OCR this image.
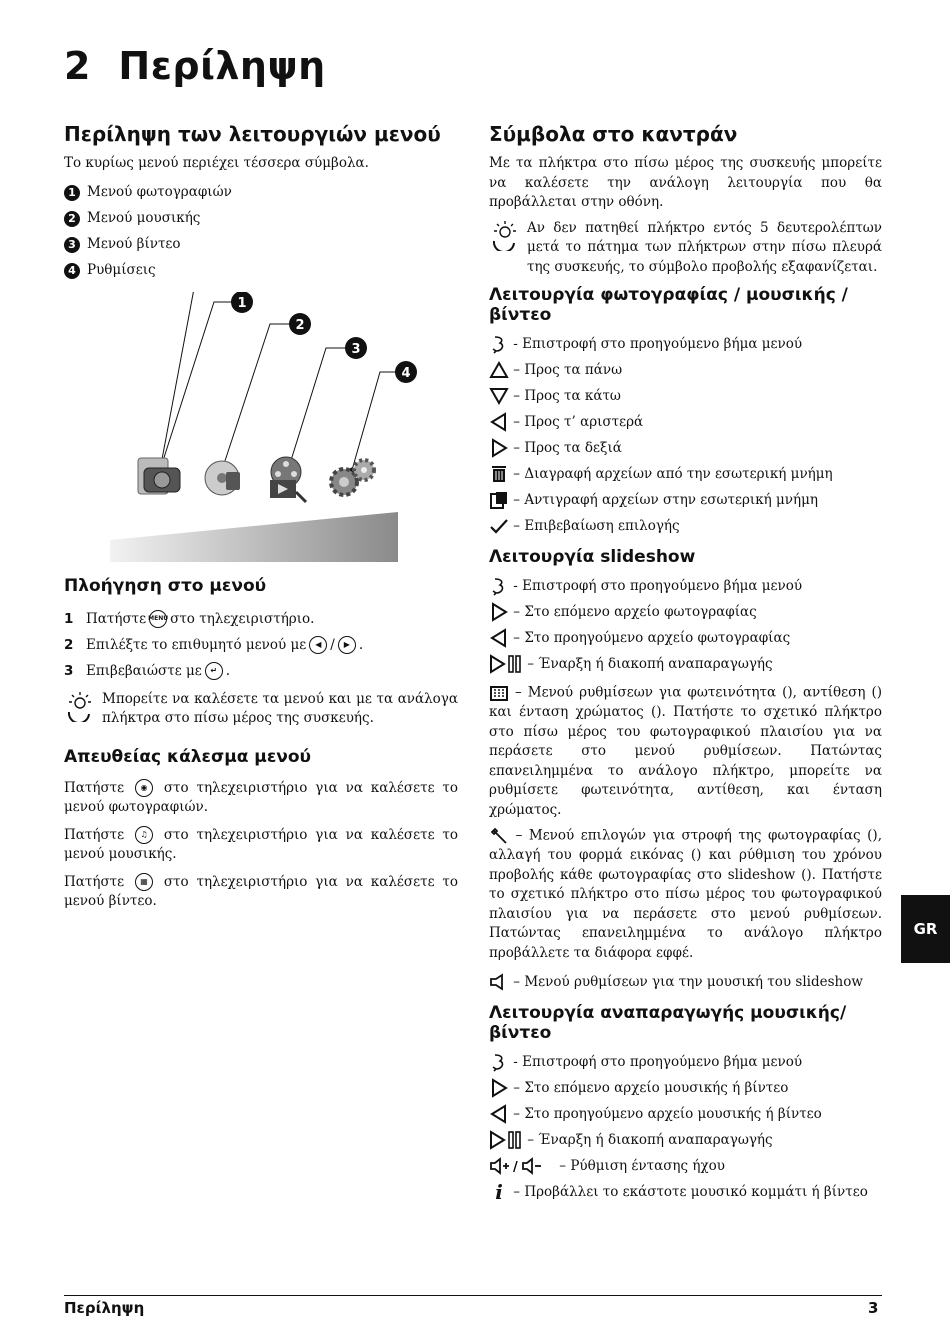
2 Περίληψη
Περίληψη των λειτουργιών μενού

Το κυρίως μενού περιέχει τέσσερα σύμβολα.

1 Μενού φωτογραφιών
2 Μενού μουσικής
3 Μενού βίντεο
4 Ρυθμίσεις
1
2
3
4
Πλοήγηση στο μενού
1 Πατήστε MENU στο τηλεχειριστήριο.
2 Επιλέξτε το επιθυμητό μενού με	◀ /	▶ .
3 Επιβεβαιώστε με	↵ .

Μπορείτε να καλέσετε τα μενού και με τα ανάλογα πλήκτρα στο πίσω μέρος της συσκευής.

Απευθείας κάλεσμα μενού

Πατήστε ◉ στο τηλεχειριστήριο για να καλέσετε το μενού φωτογραφιών.

Πατήστε ♫ στο τηλεχειριστήριο για να καλέσετε το μενού μουσικής.

Πατήστε ▦ στο τηλεχειριστήριο για να καλέσετε το μενού βίντεο.

Σύμβολα στο καντράν

Με τα πλήκτρα στο πίσω μέρος της συσκευής μπορείτε να καλέσετε την ανάλογη λειτουργία που θα προβάλλεται στην οθόνη.

Αν δεν πατηθεί πλήκτρο εντός 5 δευτερολέπτων μετά το πάτημα των πλήκτρων στην πίσω πλευρά της συσκευής, το σύμβολο προβολής εξαφανίζεται.

Λειτουργία φωτογραφίας / μουσικής / βίντεο

- Επιστροφή στο προηγούμενο βήμα μενού

– Προς τα πάνω

– Προς τα κάτω

– Προς τ’ αριστερά

– Προς τα δεξιά

– Διαγραφή αρχείων από την εσωτερική μνήμη

– Αντιγραφή αρχείων στην εσωτερική μνήμη

– Επιβεβαίωση επιλογής
Λειτουργία slideshow

- Επιστροφή στο προηγούμενο βήμα μενού

– Στο επόμενο αρχείο φωτογραφίας

– Στο προηγούμενο αρχείο φωτογραφίας

– Έναρξη ή διακοπή αναπαραγωγής

– Μενού ρυθμίσεων για φωτεινότητα (), αντίθεση () και ένταση χρώματος (). Πατήστε το σχετικό πλήκτρο στο πίσω μέρος του φωτογραφικού πλαισίου για να περάσετε στο μενού ρυθμίσεων. Πατώντας επανειλημμένα το ανάλογο πλήκτρο, μπορείτε να ρυθμίσετε φωτεινότητα, αντίθεση, και ένταση χρώματος.

– Μενού επιλογών για στροφή της φωτογραφίας (), αλλαγή του φορμά εικόνας () και ρύθμιση του χρόνου προβολής κάθε φωτογραφίας στο slideshow (). Πατήστε το σχετικό πλήκτρο στο πίσω μέρος του φωτογραφικού πλαισίου για να περάσετε στο μενού ρυθμίσεων. Πατώντας επανειλημμένα το ανάλογο πλήκτρο προβάλλετε τα διάφορα εφφέ.

– Μενού ρυθμίσεων για την μουσική του slideshow
Λειτουργία αναπαραγωγής μουσικής/ βίντεο

- Επιστροφή στο προηγούμενο βήμα μενού

– Στο επόμενο αρχείο μουσικής ή βίντεο

– Στο προηγούμενο αρχείο μουσικής ή βίντεο

– Έναρξη ή διακοπή αναπαραγωγής
/
	– Ρύθμιση έντασης ήχου
i
– Προβάλλει το εκάστοτε μουσικό κομμάτι ή βίντεο
GR
Περίληψη	3
